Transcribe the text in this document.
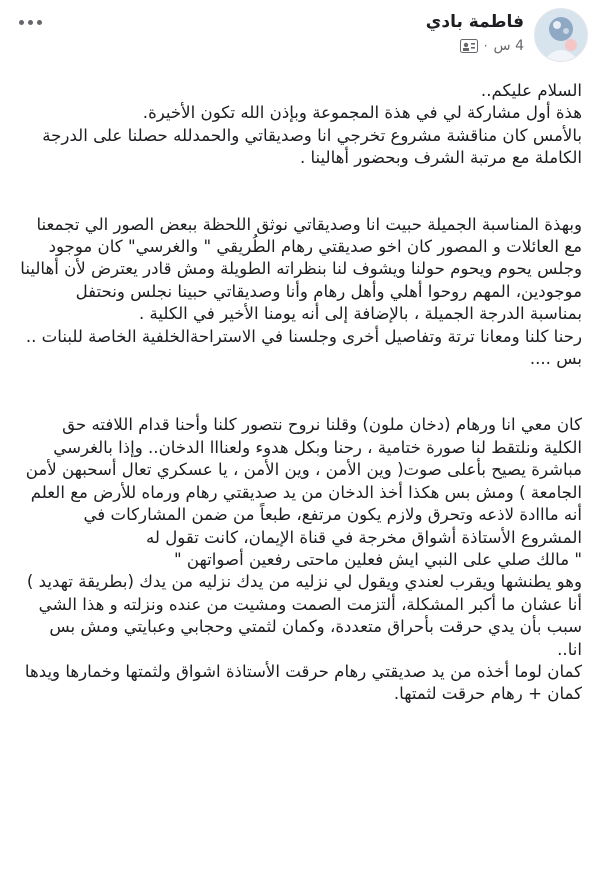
فاطمة بادي
4 س
·

السلام عليكم..

هذة أول مشاركة لي في هذة المجموعة وبإذن الله تكون الأخيرة.

بالأمس كان مناقشة مشروع تخرجي انا وصديقاتي والحمدلله حصلنا على الدرجة الكاملة مع مرتبة الشرف وبحضور أهالينا .

وبهذة المناسبة الجميلة حبيت انا وصديقاتي نوثق اللحظة ببعض الصور الي تجمعنا مع العائلات و المصور كان اخو صديقتي رهام الطُريقي " والغرسي" كان موجود وجلس يحوم ويحوم حولنا ويشوف لنا بنظراته الطويلة ومش قادر يعترض لأن أهالينا موجودين، المهم روحوا أهلي وأهل رهام وأنا وصديقاتي حبينا نجلس ونحتفل بمناسبة الدرجة الجميلة ، بالإضافة إلى أنه يومنا الأخير في الكلية .

رحنا كلنا ومعانا ترتة وتفاصيل أخرى وجلسنا في الاستراحةالخلفية الخاصة للبنات .. بس ....

كان معي انا ورهام (دخان ملون) وقلنا نروح نتصور كلنا وأحنا قدام اللافته حق الكلية ونلتقط لنا صورة ختامية ، رحنا وبكل هدوء ولعنااا الدخان.. وإذا بالغرسي مباشرة يصيح بأعلى صوت( وين الأمن ، وين الأمن ، يا عسكري تعال أسحبهن لأمن الجامعة ) ومش بس هكذا أخذ الدخان من يد صديقتي رهام ورماه للأرض مع العلم أنه مااادة لاذعه وتحرق ولازم يكون مرتفع، طبعاً من ضمن المشاركات في المشروع الأستاذة أشواق مخرجة في قناة الإيمان، كانت تقول له

" مالك صلي على النبي ايش فعلين ماحتى رفعين أصواتهن "

وهو يطنشها ويقرب لعندي ويقول لي نزليه من يدك نزليه من يدك (بطريقة تهديد ) أنا عشان ما أكبر المشكلة، ألتزمت الصمت ومشيت من عنده ونزلته و هذا الشي سبب بأن يدي حرقت بأحراق متعددة، وكمان لثمتي وحجابي وعبايتي ومش بس انا..

كمان لوما أخذه من يد صديقتي رهام حرقت الأستاذة اشواق ولثمتها وخمارها ويدها كمان + رهام حرقت لثمتها.
